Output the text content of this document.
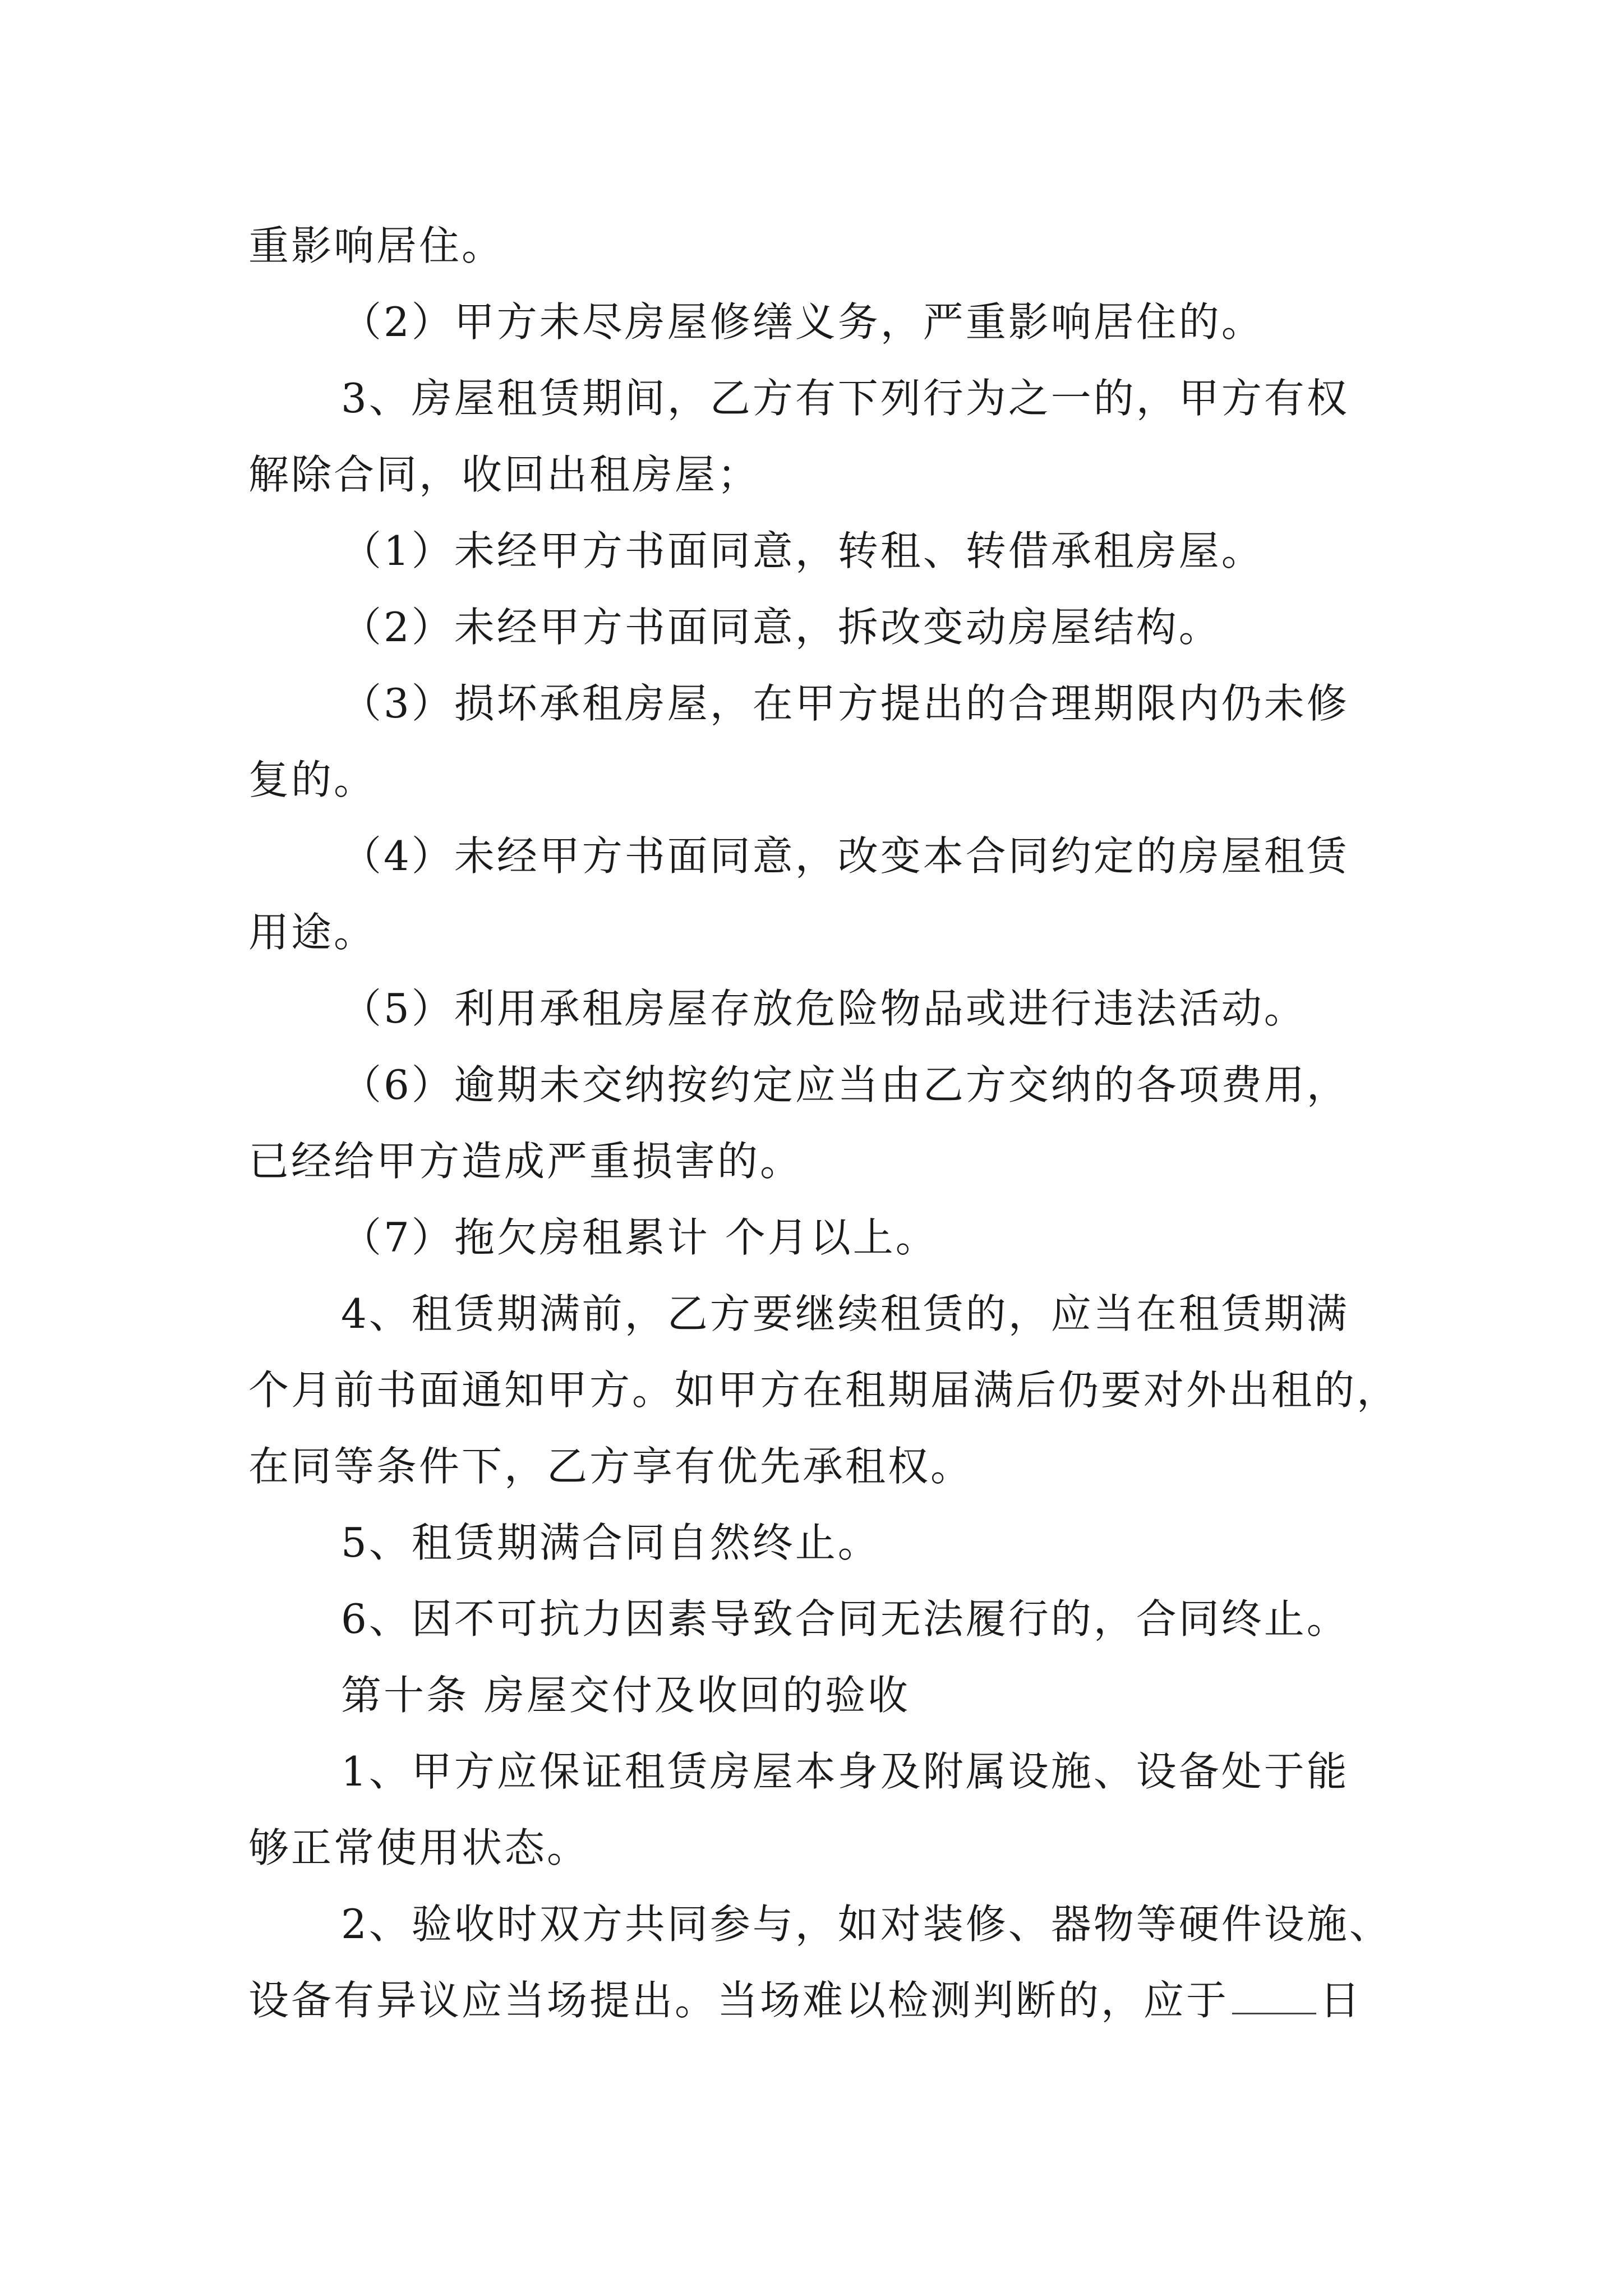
重影响居住。
（2）甲方未尽房屋修缮义务，严重影响居住的。
3、房屋租赁期间，乙方有下列行为之一的，甲方有权
解除合同，收回出租房屋；
（1）未经甲方书面同意，转租、转借承租房屋。
（2）未经甲方书面同意，拆改变动房屋结构。
（3）损坏承租房屋，在甲方提出的合理期限内仍未修
复的。
（4）未经甲方书面同意，改变本合同约定的房屋租赁
用途。
（5）利用承租房屋存放危险物品或进行违法活动。
（6）逾期未交纳按约定应当由乙方交纳的各项费用，
已经给甲方造成严重损害的。
（7）拖欠房租累计 个月以上。
4、租赁期满前，乙方要继续租赁的，应当在租赁期满
个月前书面通知甲方。如甲方在租期届满后仍要对外出租的，
在同等条件下，乙方享有优先承租权。
5、租赁期满合同自然终止。
6、因不可抗力因素导致合同无法履行的，合同终止。
第十条 房屋交付及收回的验收
1、甲方应保证租赁房屋本身及附属设施、设备处于能
够正常使用状态。
2、验收时双方共同参与，如对装修、器物等硬件设施、
设备有异议应当场提出。当场难以检测判断的，应于 日
